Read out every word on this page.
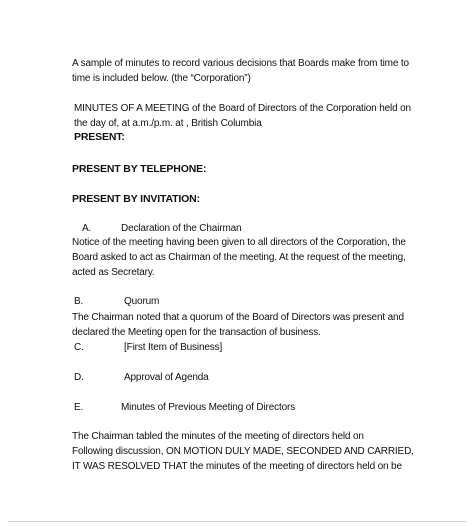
A sample of minutes to record various decisions that Boards make from time to
time is included below. (the “Corporation”)
MINUTES OF A MEETING of the Board of Directors of the Corporation held on
the day of, at a.m./p.m. at , British Columbia
PRESENT:
PRESENT BY TELEPHONE:
PRESENT BY INVITATION:
A.	Declaration of the Chairman
Notice of the meeting having been given to all directors of the Corporation, the
Board asked to act as Chairman of the meeting. At the request of the meeting,
acted as Secretary.
B.	Quorum
The Chairman noted that a quorum of the Board of Directors was present and
declared the Meeting open for the transaction of business.
C.	[First Item of Business]
D.	Approval of Agenda
E.	Minutes of Previous Meeting of Directors
The Chairman tabled the minutes of the meeting of directors held on
Following discussion, ON MOTION DULY MADE, SECONDED AND CARRIED,
IT WAS RESOLVED THAT the minutes of the meeting of directors held on be
